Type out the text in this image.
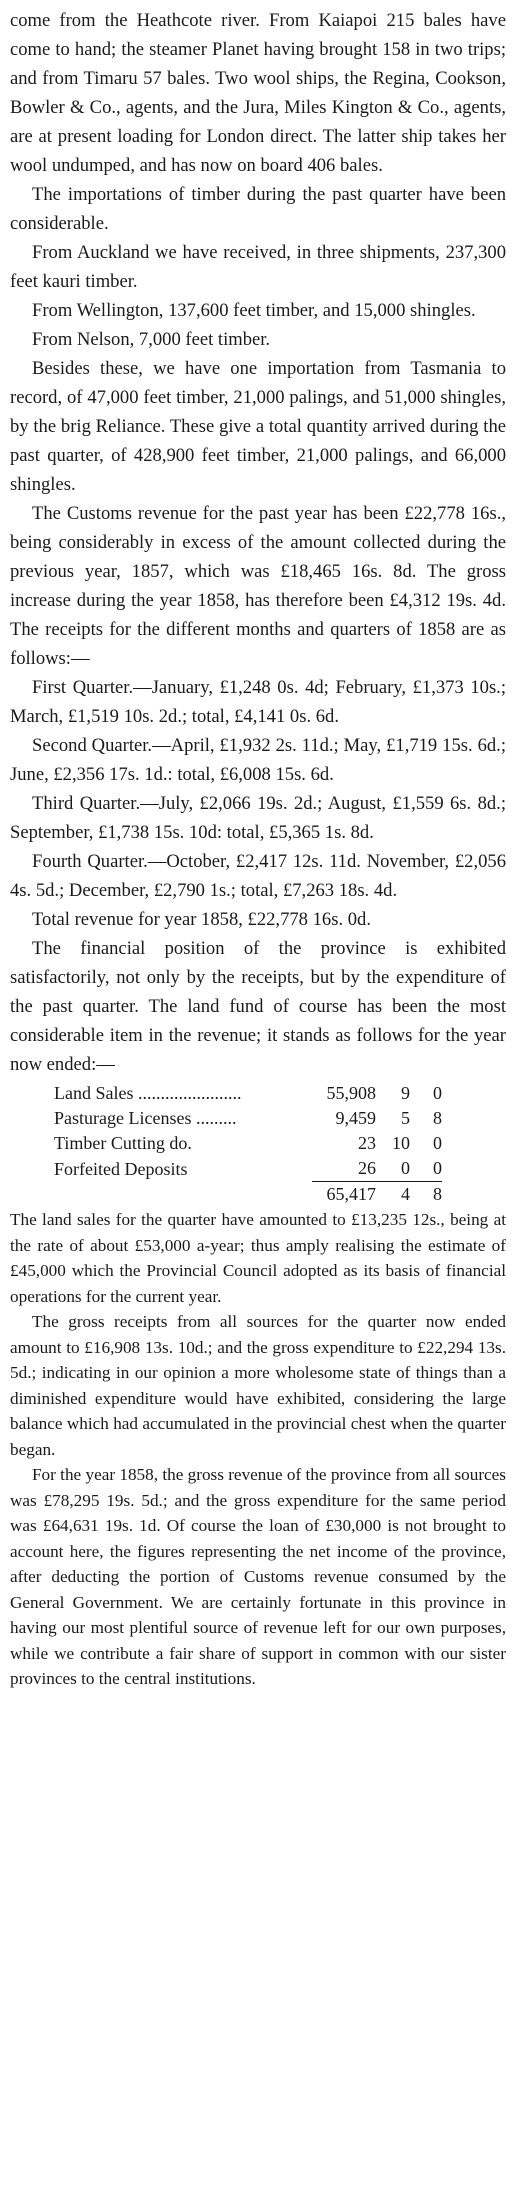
come from the Heathcote river. From Kaiapoi 215 bales have come to hand; the steamer Planet having brought 158 in two trips; and from Timaru 57 bales. Two wool ships, the Regina, Cookson, Bowler & Co., agents, and the Jura, Miles Kington & Co., agents, are at present loading for London direct. The latter ship takes her wool undumped, and has now on board 406 bales.

The importations of timber during the past quarter have been considerable.

From Auckland we have received, in three shipments, 237,300 feet kauri timber.

From Wellington, 137,600 feet timber, and 15,000 shingles.

From Nelson, 7,000 feet timber.

Besides these, we have one importation from Tasmania to record, of 47,000 feet timber, 21,000 palings, and 51,000 shingles, by the brig Reliance. These give a total quantity arrived during the past quarter, of 428,900 feet timber, 21,000 palings, and 66,000 shingles.

The Customs revenue for the past year has been £22,778 16s., being considerably in excess of the amount collected during the previous year, 1857, which was £18,465 16s. 8d. The gross increase during the year 1858, has therefore been £4,312 19s. 4d. The receipts for the different months and quarters of 1858 are as follows:—

First Quarter.—January, £1,248 0s. 4d; February, £1,373 10s.; March, £1,519 10s. 2d.; total, £4,141 0s. 6d.

Second Quarter.—April, £1,932 2s. 11d.; May, £1,719 15s. 6d.; June, £2,356 17s. 1d.: total, £6,008 15s. 6d.

Third Quarter.—July, £2,066 19s. 2d.; August, £1,559 6s. 8d.; September, £1,738 15s. 10d: total, £5,365 1s. 8d.

Fourth Quarter.—October, £2,417 12s. 11d. November, £2,056 4s. 5d.; December, £2,790 1s.; total, £7,263 18s. 4d.

Total revenue for year 1858, £22,778 16s. 0d.

The financial position of the province is exhibited satisfactorily, not only by the receipts, but by the expenditure of the past quarter. The land fund of course has been the most considerable item in the revenue; it stands as follows for the year now ended:—

Land Sales .......................	55,908	9	0
Pasturage Licenses .........	9,459	5	8
Timber Cutting do.	23	10	0
Forfeited Deposits	26	0	0
	65,417	4	8

The land sales for the quarter have amounted to £13,235 12s., being at the rate of about £53,000 a-year; thus amply realising the estimate of £45,000 which the Provincial Council adopted as its basis of financial operations for the current year.

The gross receipts from all sources for the quarter now ended amount to £16,908 13s. 10d.; and the gross expenditure to £22,294 13s. 5d.; indicating in our opinion a more wholesome state of things than a diminished expenditure would have exhibited, considering the large balance which had accumulated in the provincial chest when the quarter began.

For the year 1858, the gross revenue of the province from all sources was £78,295 19s. 5d.; and the gross expenditure for the same period was £64,631 19s. 1d. Of course the loan of £30,000 is not brought to account here, the figures representing the net income of the province, after deducting the portion of Customs revenue consumed by the General Government. We are certainly fortunate in this province in having our most plentiful source of revenue left for our own purposes, while we contribute a fair share of support in common with our sister provinces to the central institutions.
